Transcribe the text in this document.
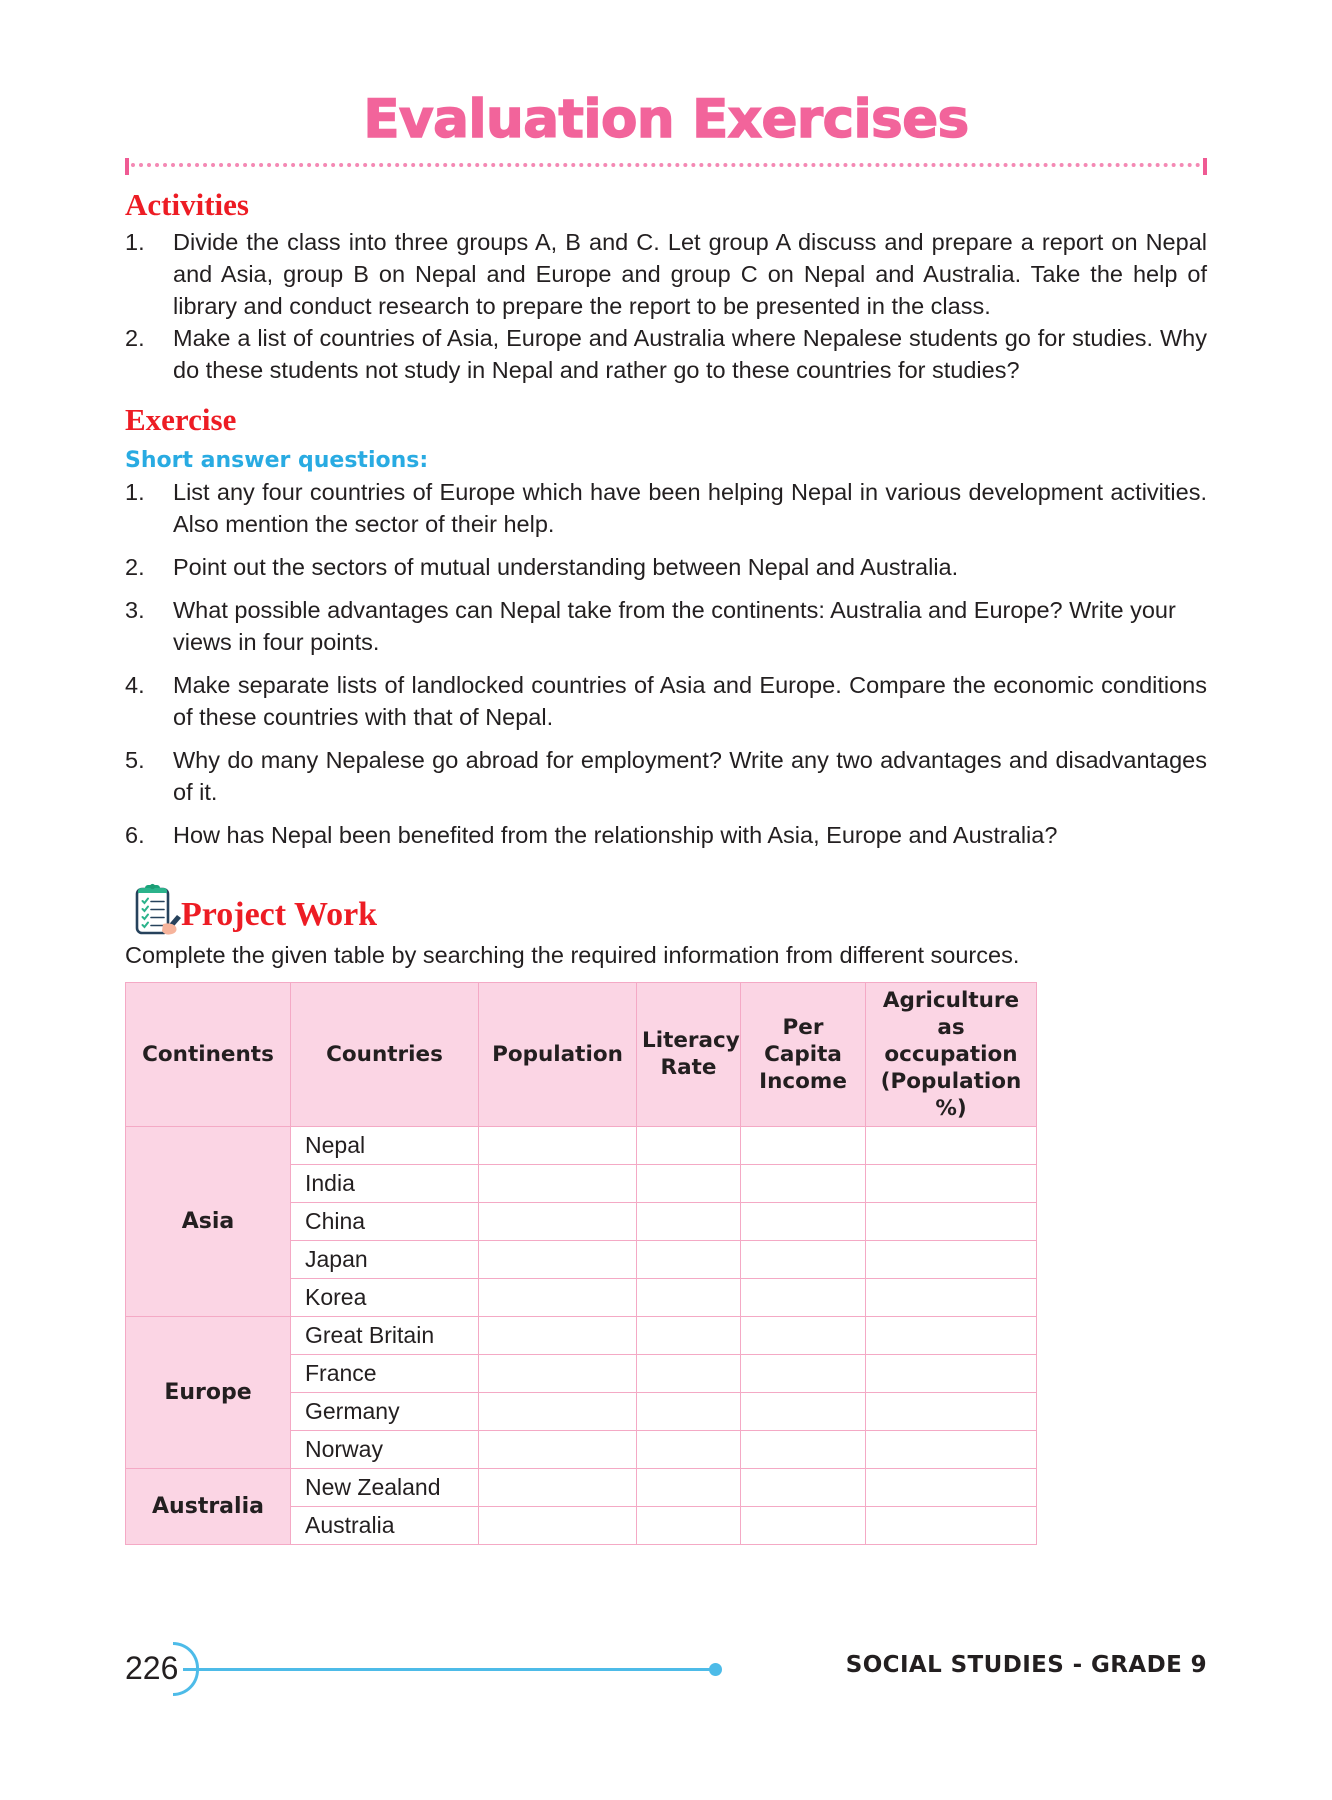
Evaluation Exercises
Activities
1.	Divide the class into three groups A, B and C. Let group A discuss and prepare a report on Nepal and Asia, group B on Nepal and Europe and group C on Nepal and Australia. Take the help of library and conduct research to prepare the report to be presented in the class.
2.	Make a list of countries of Asia, Europe and Australia where Nepalese students go for studies. Why do these students not study in Nepal and rather go to these countries for studies?
Exercise
Short answer questions:
1.	List any four countries of Europe which have been helping Nepal in various development activities. Also mention the sector of their help.
2.	Point out the sectors of mutual understanding between Nepal and Australia.
3.	What possible advantages can Nepal take from the continents: Australia and Europe? Write your views in four points.
4.	Make separate lists of landlocked countries of Asia and Europe. Compare the economic conditions of these countries with that of Nepal.
5.	Why do many Nepalese go abroad for employment? Write any two advantages and disadvantages of it.
6.	How has Nepal been benefited from the relationship with Asia, Europe and Australia?
Project Work
Complete the given table by searching the required information from different sources.
Continents	Countries	Population	Literacy Rate	Per Capita Income	Agriculture as occupation (Population %)
Asia	Nepal				
	India				
	China				
	Japan				
	Korea				
Europe	Great Britain				
	France				
	Germany				
	Norway				
Australia	New Zealand				
	Australia				
226	SOCIAL STUDIES - GRADE 9
